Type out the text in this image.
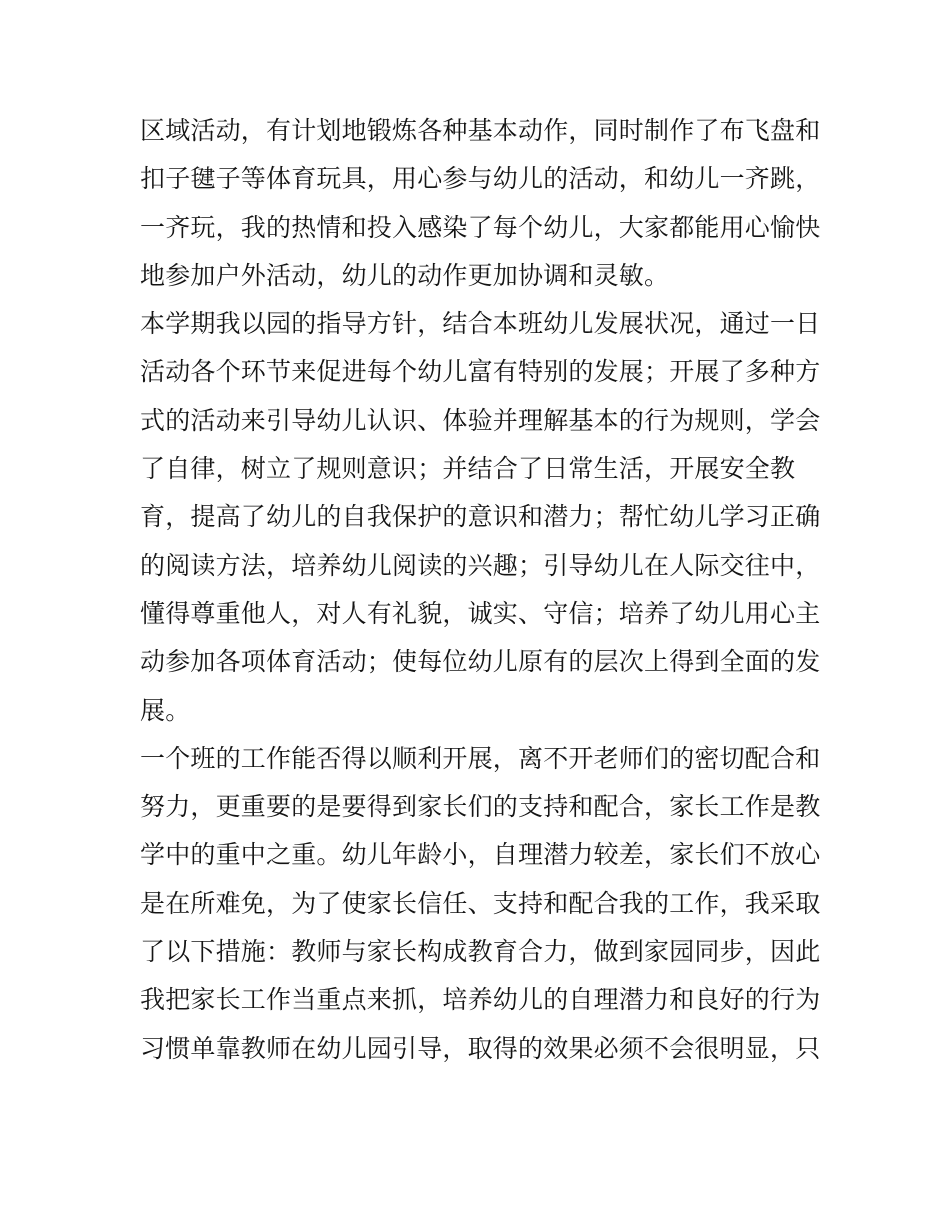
区域活动，有计划地锻炼各种基本动作，同时制作了布飞盘和
扣子毽子等体育玩具，用心参与幼儿的活动，和幼儿一齐跳，
一齐玩，我的热情和投入感染了每个幼儿，大家都能用心愉快
地参加户外活动，幼儿的动作更加协调和灵敏。
本学期我以园的指导方针，结合本班幼儿发展状况，通过一日
活动各个环节来促进每个幼儿富有特别的发展；开展了多种方
式的活动来引导幼儿认识、体验并理解基本的行为规则，学会
了自律，树立了规则意识；并结合了日常生活，开展安全教
育，提高了幼儿的自我保护的意识和潜力；帮忙幼儿学习正确
的阅读方法，培养幼儿阅读的兴趣；引导幼儿在人际交往中，
懂得尊重他人，对人有礼貌，诚实、守信；培养了幼儿用心主
动参加各项体育活动；使每位幼儿原有的层次上得到全面的发
展。
一个班的工作能否得以顺利开展，离不开老师们的密切配合和
努力，更重要的是要得到家长们的支持和配合，家长工作是教
学中的重中之重。幼儿年龄小，自理潜力较差，家长们不放心
是在所难免，为了使家长信任、支持和配合我的工作，我采取
了以下措施：教师与家长构成教育合力，做到家园同步，因此
我把家长工作当重点来抓，培养幼儿的自理潜力和良好的行为
习惯单靠教师在幼儿园引导，取得的效果必须不会很明显，只
